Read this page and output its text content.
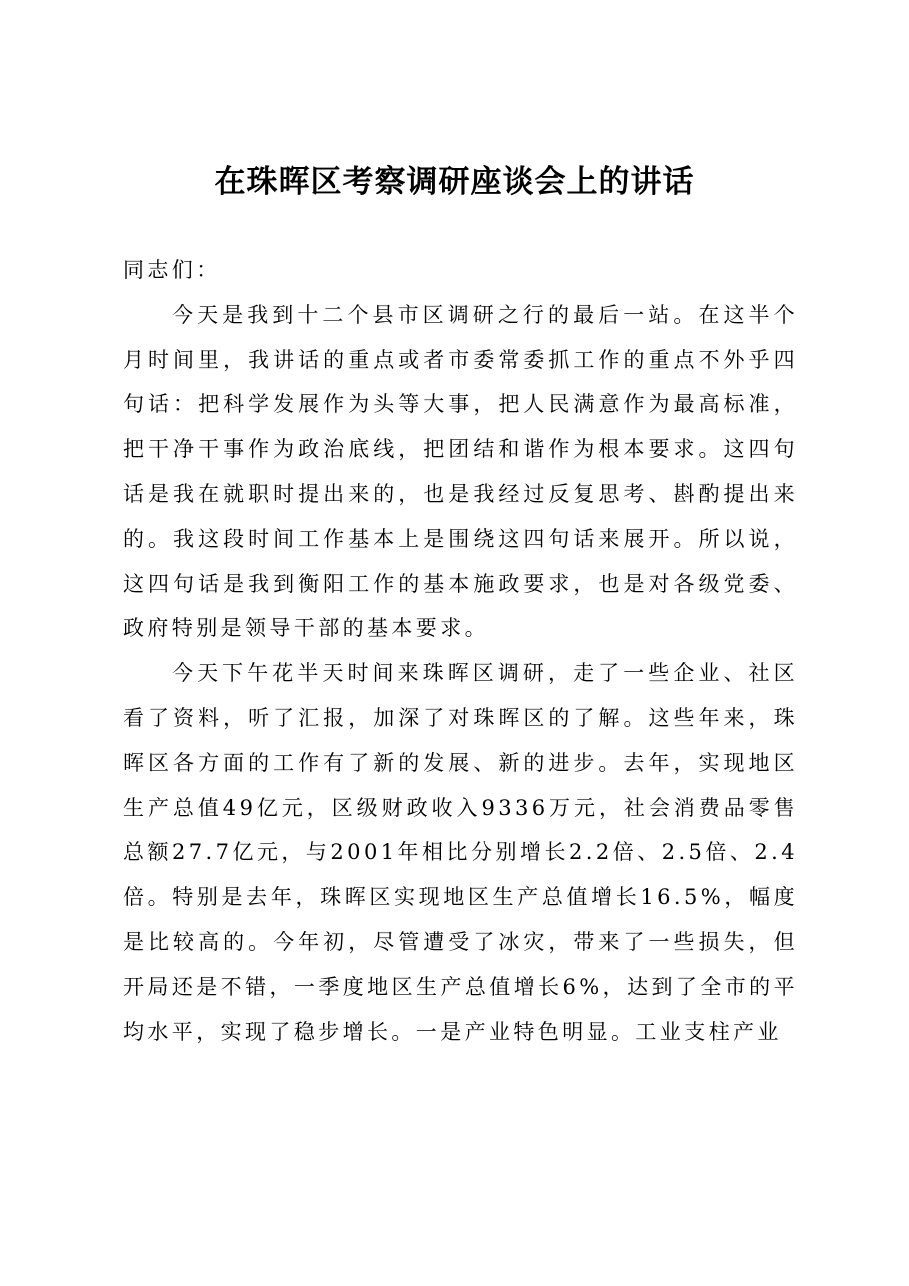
在珠晖区考察调研座谈会上的讲话

同志们：

今天是我到十二个县市区调研之行的最后一站。在这半个月时间里，我讲话的重点或者市委常委抓工作的重点不外乎四句话：把科学发展作为头等大事，把人民满意作为最高标准，把干净干事作为政治底线，把团结和谐作为根本要求。这四句话是我在就职时提出来的，也是我经过反复思考、斟酌提出来的。我这段时间工作基本上是围绕这四句话来展开。所以说，这四句话是我到衡阳工作的基本施政要求，也是对各级党委、政府特别是领导干部的基本要求。

今天下午花半天时间来珠晖区调研，走了一些企业、社区看了资料，听了汇报，加深了对珠晖区的了解。这些年来，珠晖区各方面的工作有了新的发展、新的进步。去年，实现地区生产总值49亿元，区级财政收入9336万元，社会消费品零售总额27.7亿元，与2001年相比分别增长2.2倍、2.5倍、2.4倍。特别是去年，珠晖区实现地区生产总值增长16.5%，幅度是比较高的。今年初，尽管遭受了冰灾，带来了一些损失，但开局还是不错，一季度地区生产总值增长6%，达到了全市的平均水平，实现了稳步增长。一是产业特色明显。工业支柱产业
